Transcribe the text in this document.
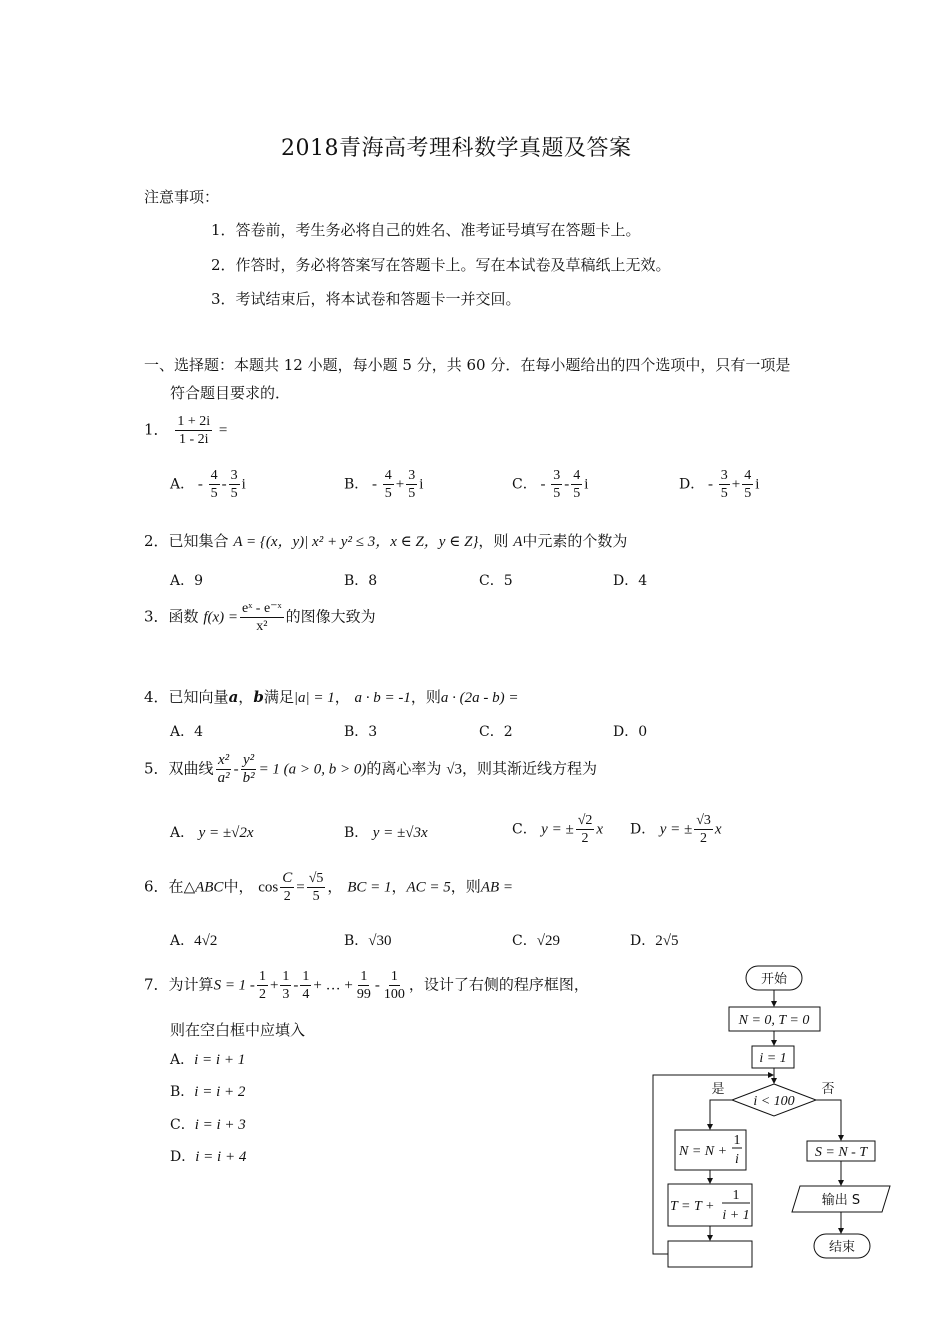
2018青海高考理科数学真题及答案
注意事项：
1．答卷前，考生务必将自己的姓名、准考证号填写在答题卡上。
2．作答时，务必将答案写在答题卡上。写在本试卷及草稿纸上无效。
3．考试结束后，将本试卷和答题卡一并交回。
一、选择题：本题共 12 小题，每小题 5 分，共 60 分．在每小题给出的四个选项中，只有一项是
符合题目要求的．
1． $\frac{1 + 2i}{1 - 2i}$ =
A． - $\frac{4}{5} - \frac{3}{5}$ i	B． - $\frac{4}{5} + \frac{3}{5}$ i	C． - $\frac{3}{5} - \frac{4}{5}$ i	D． - $\frac{3}{5} + \frac{4}{5}$ i
2．已知集合 A = {(x，y)| x² + y² ≤ 3，x ∈ Z，y ∈ Z}，则 A中元素的个数为
A．9	B．8	C．5	D．4
3．函数 $f(x) = \frac{\text{eˣ - e⁻ˣ}}{\text{x²}}$ 的图像大致为
4．已知向量a，b满足|a| = 1， a · b = -1，则a · (2a - b) =
A．4	B．3	C．2	D．0
5．双曲线 $\frac{\text{x²}}{\text{a²}} - \frac{\text{y²}}{\text{b²}} = 1$ (a > 0, b > 0)的离心率为 √3，则其渐近线方程为
A． y = ±√2x	B． y = ±√3x	C． y = ± $\frac{√2}{2}$ x D． y = ± $\frac{√3}{2}$ x
6．在△ABC中， $\cos \frac{C}{2} = \frac{√5}{5}$ ， BC = 1，AC = 5，则AB =
A．4√2	B．√30	C．√29	D．2√5
7．为计算$S = 1 - \frac{1}{2} + \frac{1}{3} - \frac{1}{4}$ + … + $\frac{1}{99} - \frac{1}{100}$ ，设计了右侧的程序框图，
则在空白框中应填入
A．i = i + 1
B．i = i + 2
C．i = i + 3
D．i = i + 4
开始
N = 0, T = 0
i = 1
i < 100
是	否
N = N +
1
i
T = T +
1
i + 1
S = N - T
输出 S
结束
